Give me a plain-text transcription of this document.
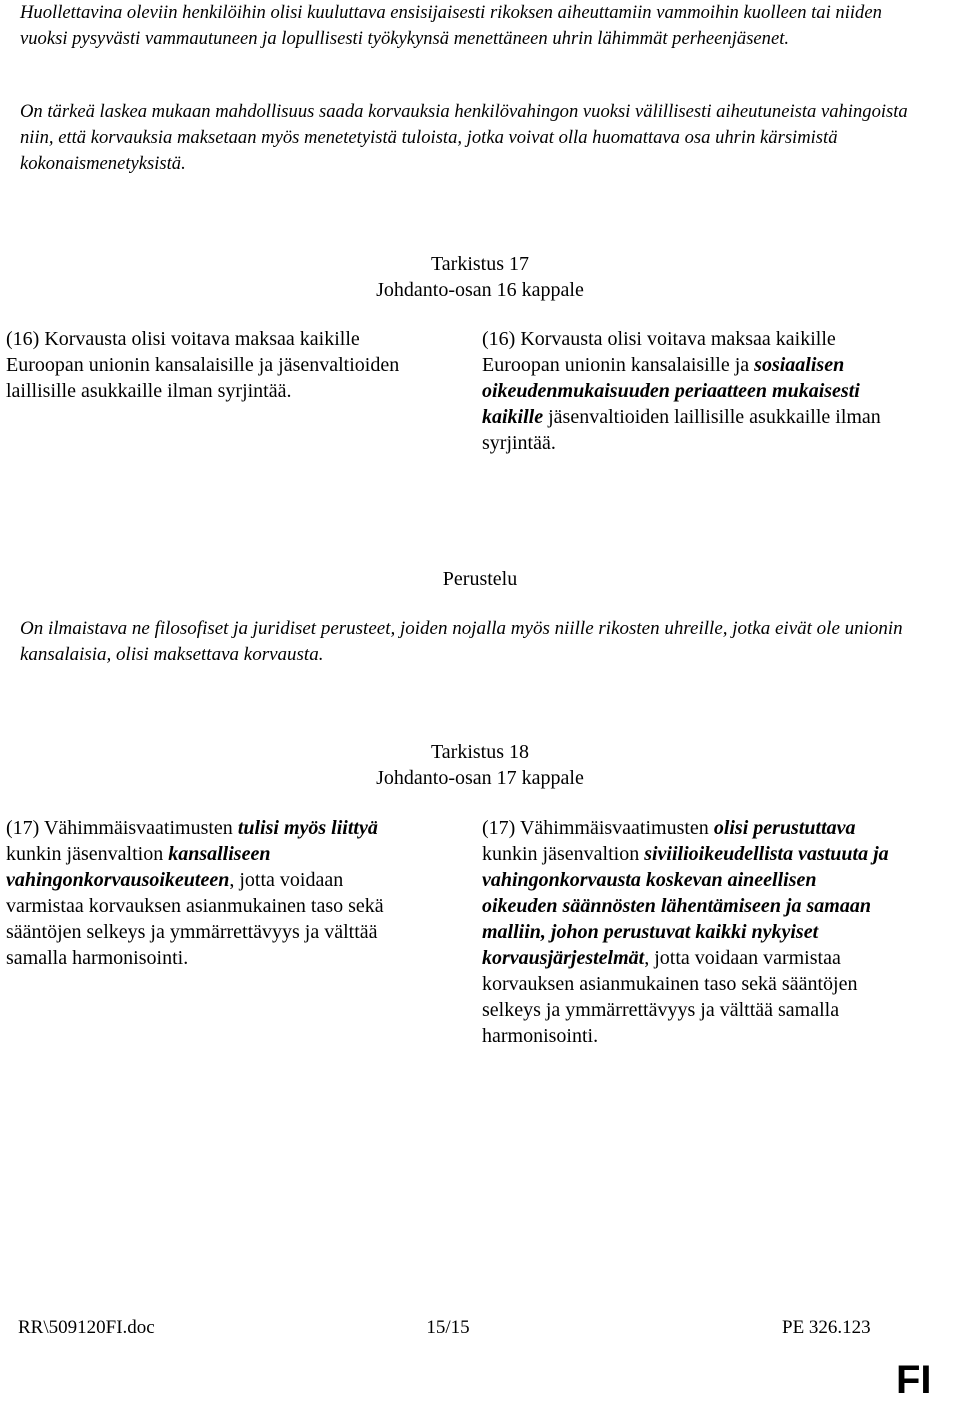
Huollettavina oleviin henkilöihin olisi kuuluttava ensisijaisesti rikoksen aiheuttamiin vammoihin kuolleen tai niiden vuoksi pysyvästi vammautuneen ja lopullisesti työkykynsä menettäneen uhrin lähimmät perheenjäsenet.
On tärkeä laskea mukaan mahdollisuus saada korvauksia henkilövahingon vuoksi välillisesti aiheutuneista vahingoista niin, että korvauksia maksetaan myös menetetyistä tuloista, jotka voivat olla huomattava osa uhrin kärsimistä kokonaismenetyksistä.
Tarkistus 17
Johdanto-osan 16 kappale
(16) Korvausta olisi voitava maksaa kaikille Euroopan unionin kansalaisille ja jäsenvaltioiden laillisille asukkaille ilman syrjintää.
(16) Korvausta olisi voitava maksaa kaikille Euroopan unionin kansalaisille ja sosiaalisen oikeudenmukaisuuden periaatteen mukaisesti kaikille jäsenvaltioiden laillisille asukkaille ilman syrjintää.
Perustelu
On ilmaistava ne filosofiset ja juridiset perusteet, joiden nojalla myös niille rikosten uhreille, jotka eivät ole unionin kansalaisia, olisi maksettava korvausta.
Tarkistus 18
Johdanto-osan 17 kappale
(17) Vähimmäisvaatimusten tulisi myös liittyä kunkin jäsenvaltion kansalliseen vahingonkorvausoikeuteen, jotta voidaan varmistaa korvauksen asianmukainen taso sekä sääntöjen selkeys ja ymmärrettävyys ja välttää samalla harmonisointi.
(17) Vähimmäisvaatimusten olisi perustuttava kunkin jäsenvaltion siviilioikeudellista vastuuta ja vahingonkorvausta koskevan aineellisen oikeuden säännösten lähentämiseen ja samaan malliin, johon perustuvat kaikki nykyiset korvausjärjestelmät, jotta voidaan varmistaa korvauksen asianmukainen taso sekä sääntöjen selkeys ja ymmärrettävyys ja välttää samalla harmonisointi.
RR\509120FI.doc	15/15	PE 326.123
FI
